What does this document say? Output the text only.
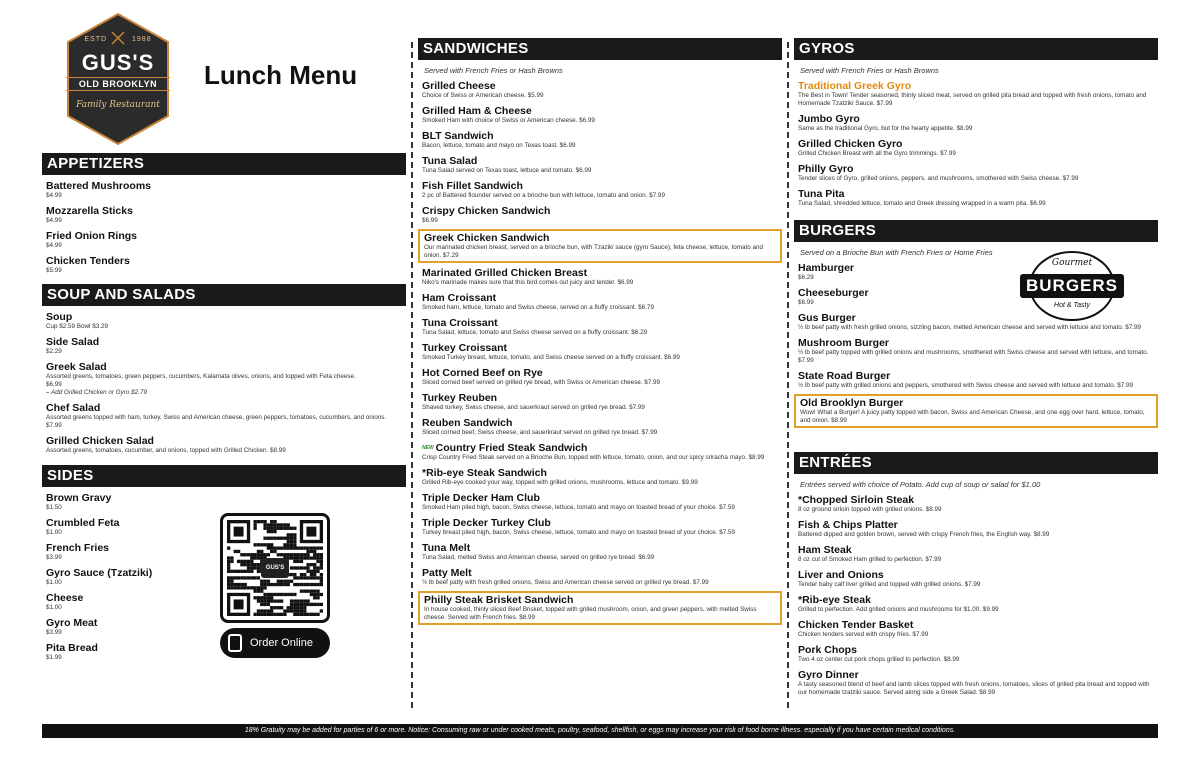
ESTD	1988
GUS'S
OLD BROOKLYN
Family Restaurant
Lunch Menu
APPETIZERS
Battered Mushrooms
$4.99
Mozzarella Sticks
$4.99
Fried Onion Rings
$4.99
Chicken Tenders
$5.99
SOUP AND SALADS
Soup
Cup $2.59 Bowl $3.29
Side Salad
$2.29
Greek Salad
Assorted greens, tomatoes, green peppers, cucumbers, Kalamata olives, onions, and topped with Feta cheese.
$6.99
– Add Grilled Chicken or Gyro $2.79
Chef Salad
Assorted greens topped with ham, turkey, Swiss and American cheese, green peppers, tomatoes, cucumbers, and onions. $7.99
Grilled Chicken Salad
Assorted greens, tomatoes, cucumber, and onions, topped with Grilled Chicken. $8.99
SIDES
Brown Gravy
$1.50
Crumbled Feta
$1.00
French Fries
$3.99
Gyro Sauce (Tzatziki)
$1.00
Cheese
$1.00
Gyro Meat
$3.99
Pita Bread
$1.99
GUS'S
Order Online
SANDWICHES
Served with French Fries or Hash Browns
Grilled Cheese
Choice of Swiss or American cheese. $5.99
Grilled Ham & Cheese
Smoked Ham with choice of Swiss or American cheese. $6.99
BLT Sandwich
Bacon, lettuce, tomato and mayo on Texas toast. $6.99
Tuna Salad
Tuna Salad served on Texas toast, lettuce and tomato. $6.99
Fish Fillet Sandwich
2 pc of Battered flounder served on a brioche bun with lettuce, tomato and onion. $7.99
Crispy Chicken Sandwich
$6.99
Greek Chicken Sandwich
Our marinated chicken breast, served on a brioche bun, with Tzaziki sauce (gyro Sauce), feta cheese, lettuce, tomato and onion. $7.29
Marinated Grilled Chicken Breast
Niko's marinade makes sure that this bird comes out juicy and tender. $6.99
Ham Croissant
Smoked ham, lettuce, tomato and Swiss cheese, served on a fluffy croissant. $6.79
Tuna Croissant
Tuna Salad, lettuce, tomato and Swiss cheese served on a fluffy croissant. $6.29
Turkey Croissant
Smoked Turkey breast, lettuce, tomato, and Swiss cheese served on a fluffy croissant. $6.99
Hot Corned Beef on Rye
Sliced corned beef served on grilled rye bread, with Swiss or American cheese. $7.99
Turkey Reuben
Shaved turkey, Swiss cheese, and sauerkraut served on grilled rye bread. $7.99
Reuben Sandwich
Sliced corned beef, Swiss cheese, and sauerkraut served on grilled rye bread. $7.99
$^{NEW}$ Country Fried Steak Sandwich
Crisp Country Fried Steak served on a Brioche Bun, topped with lettuce, tomato, onion, and our spicy sriracha mayo. $8.99
*Rib-eye Steak Sandwich
Grilled Rib-eye cooked your way, topped with grilled onions, mushrooms, lettuce and tomato. $9.99
Triple Decker Ham Club
Smoked Ham piled high, bacon, Swiss cheese, lettuce, tomato and mayo on toasted bread of your choice. $7.59
Triple Decker Turkey Club
Turkey breast piled high, bacon, Swiss cheese, lettuce, tomato and mayo on toasted bread of your choice. $7.59
Tuna Melt
Tuna Salad, melted Swiss and American cheese, served on grilled rye bread. $6.99
Patty Melt
½ lb beef patty with fresh grilled onions, Swiss and American cheese served on grilled rye bread. $7.99
Philly Steak Brisket Sandwich
In house cooked, thinly sliced Beef Brisket, topped with grilled mushroom, onion, and green peppers, with melted Swiss cheese. Served with French fries. $8.99
GYROS
Served with French Fries or Hash Browns
Traditional Greek Gyro
The Best in Town! Tender seasoned, thinly sliced meat, served on grilled pita bread and topped with fresh onions, tomato and Homemade Tzatziki Sauce. $7.99
Jumbo Gyro
Same as the traditional Gyro, but for the hearty appetite. $8.99
Grilled Chicken Gyro
Grilled Chicken Breast with all the Gyro trimmings. $7.99
Philly Gyro
Tender slices of Gyro, grilled onions, peppers, and mushrooms, smothered with Swiss cheese. $7.99
Tuna Pita
Tuna Salad, shredded lettuce, tomato and Greek dressing wrapped in a warm pita. $6.99
BURGERS
Served on a Brioche Bun with French Fries or Home Fries
Gourmet
BURGERS
Hot & Tasty
Hamburger
$6.29
Cheeseburger
$6.99
Gus Burger
½ lb beef patty with fresh grilled onions, sizzling bacon, melted American cheese and served with lettuce and tomato. $7.99
Mushroom Burger
½ lb beef patty topped with grilled onions and mushrooms, smothered with Swiss cheese and served with lettuce, and tomato. $7.99
State Road Burger
½ lb beef patty with grilled onions and peppers, smothered with Swiss cheese and served with lettuce and tomato. $7.99
Old Brooklyn Burger
Wow! What a Burger! A juicy patty topped with bacon, Swiss and American Cheese, and one egg over hard, lettuce, tomato, and onion. $8.99
ENTRÉES
Entrées served with choice of Potato. Add cup of soup or salad for $1.00
*Chopped Sirloin Steak
8 oz ground sirloin topped with grilled onions. $8.99
Fish & Chips Platter
Battered dipped and golden brown, served with crispy French fries, the English way. $8.99
Ham Steak
8 oz cut of Smoked Ham grilled to perfection. $7.99
Liver and Onions
Tender baby calf liver grilled and topped with grilled onions. $7.99
*Rib-eye Steak
Grilled to perfection. Add grilled onions and mushrooms for $1.00. $9.99
Chicken Tender Basket
Chicken tenders served with crispy fries. $7.99
Pork Chops
Two 4 oz center cut pork chops grilled to perfection. $8.99
Gyro Dinner
A tasty seasoned blend of beef and lamb slices topped with fresh onions, tomatoes, slices of grilled pita bread and topped with our homemade tzatziki sauce. Served along side a Greek Salad. $8.99
18% Gratuity may be added for parties of 6 or more. Notice: Consuming raw or under cooked meats, poultry, seafood, shellfish, or eggs may increase your risk of food borne illness. especially if you have certain medical conditions.
